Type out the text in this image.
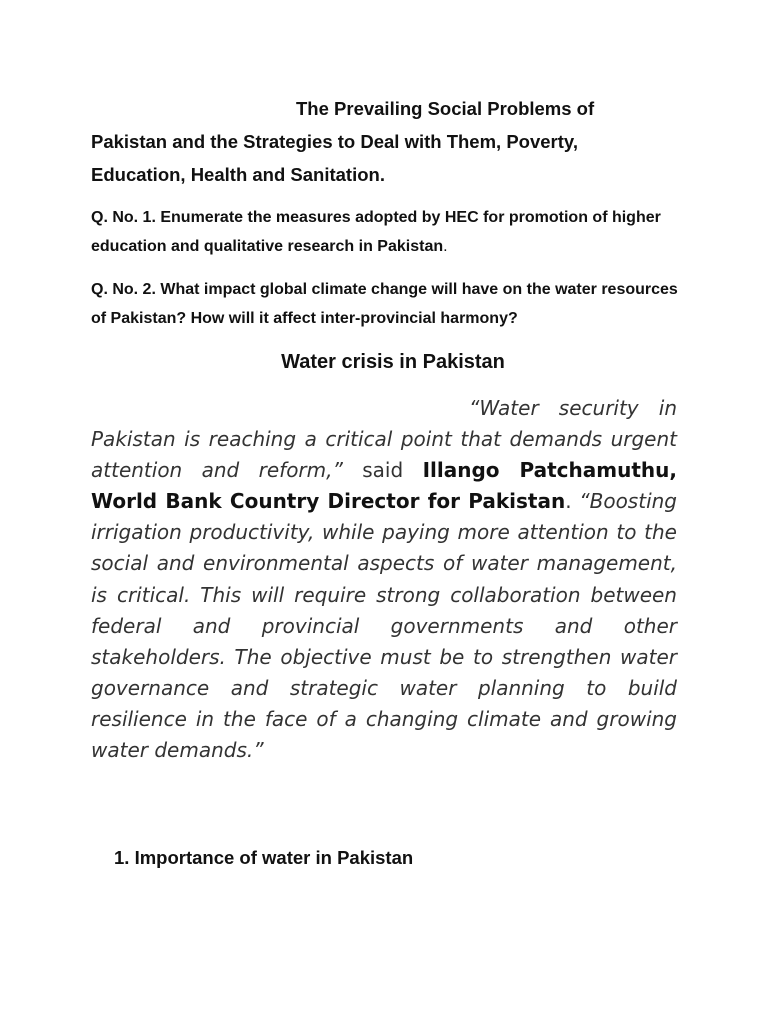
The Prevailing Social Problems of
Pakistan and the Strategies to Deal with Them, Poverty,
Education, Health and Sanitation.

Q. No. 1. Enumerate the measures adopted by HEC for promotion of higher education and qualitative research in Pakistan.

Q. No. 2. What impact global climate change will have on the water resources of Pakistan? How will it affect inter-provincial harmony?

Water crisis in Pakistan

“Water security in Pakistan is reaching a critical point that demands urgent attention and reform,” said Illango Patchamuthu, World Bank Country Director for Pakistan. “Boosting irrigation productivity, while paying more attention to the social and environmental aspects of water management, is critical. This will require strong collaboration between federal and provincial governments and other stakeholders. The objective must be to strengthen water governance and strategic water planning to build resilience in the face of a changing climate and growing water demands.”

1. Importance of water in Pakistan
